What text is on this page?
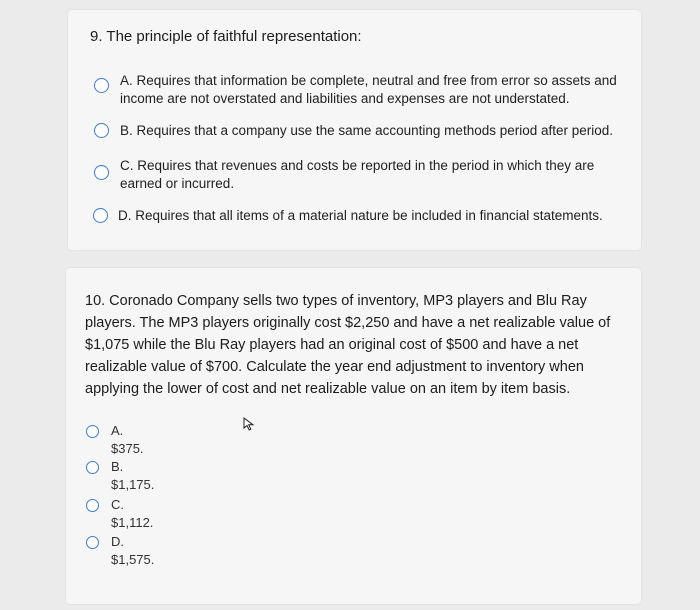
9. The principle of faithful representation:
A. Requires that information be complete, neutral and free from error so assets and income are not overstated and liabilities and expenses are not understated.
B. Requires that a company use the same accounting methods period after period.
C. Requires that revenues and costs be reported in the period in which they are earned or incurred.
D. Requires that all items of a material nature be included in financial statements.

10. Coronado Company sells two types of inventory, MP3 players and Blu Ray players. The MP3 players originally cost $2,250 and have a net realizable value of $1,075 while the Blu Ray players had an original cost of $500 and have a net realizable value of $700. Calculate the year end adjustment to inventory when applying the lower of cost and net realizable value on an item by item basis.

A. $375.
B. $1,175.
C. $1,112.
D. $1,575.
